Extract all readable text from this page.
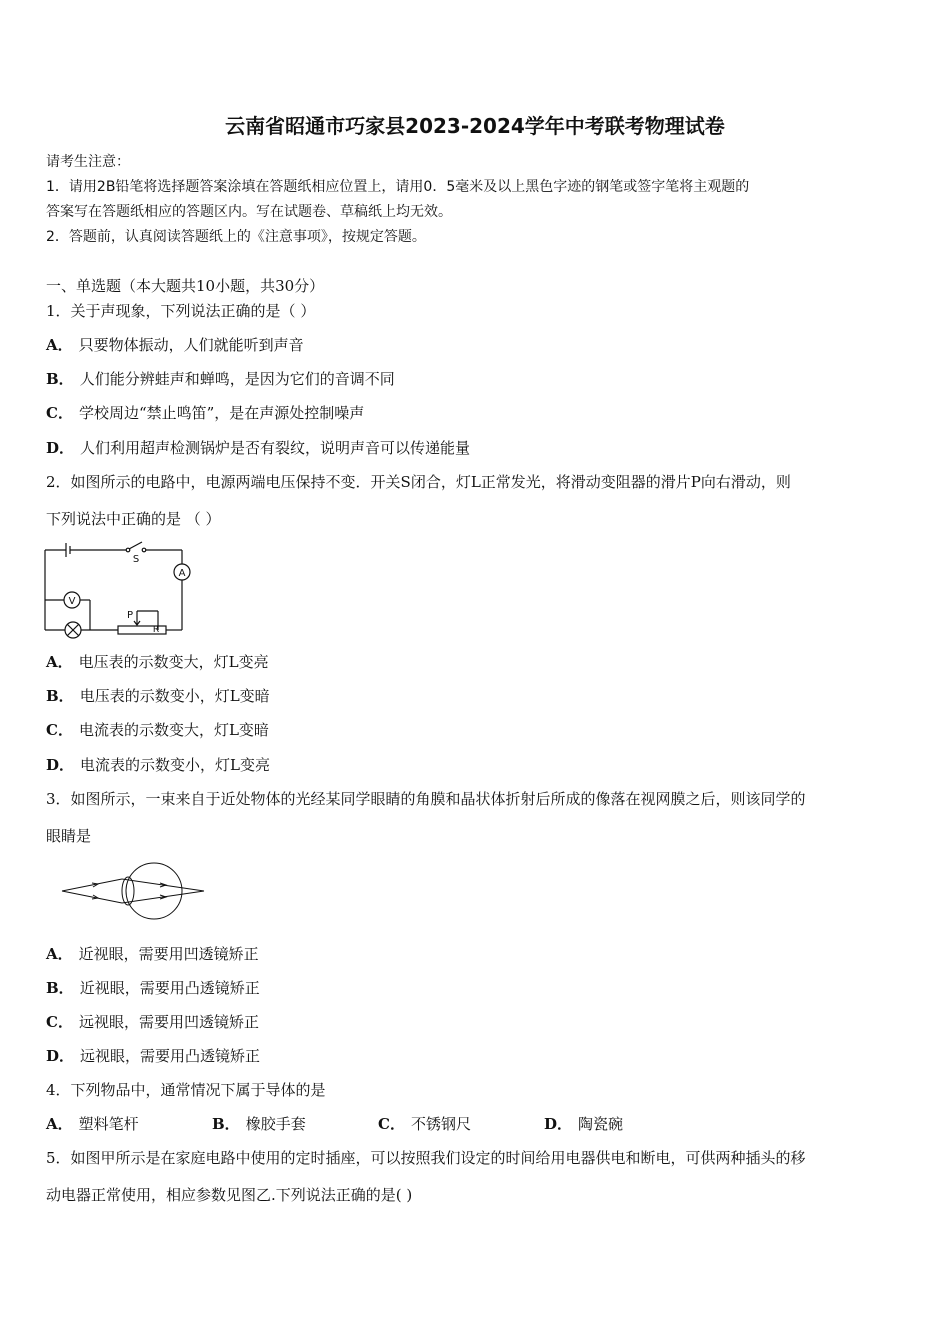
云南省昭通市巧家县2023-2024学年中考联考物理试卷
请考生注意：
1．请用2B铅笔将选择题答案涂填在答题纸相应位置上，请用0．5毫米及以上黑色字迹的钢笔或签字笔将主观题的
答案写在答题纸相应的答题区内。写在试题卷、草稿纸上均无效。
2．答题前，认真阅读答题纸上的《注意事项》，按规定答题。
一、单选题（本大题共10小题，共30分）
1．关于声现象，下列说法正确的是（ ）
A． 只要物体振动，人们就能听到声音
B． 人们能分辨蛙声和蝉鸣，是因为它们的音调不同
C． 学校周边“禁止鸣笛”，是在声源处控制噪声
D． 人们利用超声检测锅炉是否有裂纹，说明声音可以传递能量
2．如图所示的电路中，电源两端电压保持不变．开关S闭合，灯L正常发光，将滑动变阻器的滑片P向右滑动，则
下列说法中正确的是 （ ）
S
A
V
P
R
A． 电压表的示数变大，灯L变亮
B． 电压表的示数变小，灯L变暗
C． 电流表的示数变大，灯L变暗
D． 电流表的示数变小，灯L变亮
3．如图所示，一束来自于近处物体的光经某同学眼睛的角膜和晶状体折射后所成的像落在视网膜之后，则该同学的
眼睛是
A． 近视眼，需要用凹透镜矫正
B． 近视眼，需要用凸透镜矫正
C． 远视眼，需要用凹透镜矫正
D． 远视眼，需要用凸透镜矫正
4．下列物品中，通常情况下属于导体的是
A． 塑料笔杆	B． 橡胶手套	C． 不锈钢尺	D． 陶瓷碗
5．如图甲所示是在家庭电路中使用的定时插座，可以按照我们设定的时间给用电器供电和断电，可供两种插头的移
动电器正常使用，相应参数见图乙.下列说法正确的是( )
